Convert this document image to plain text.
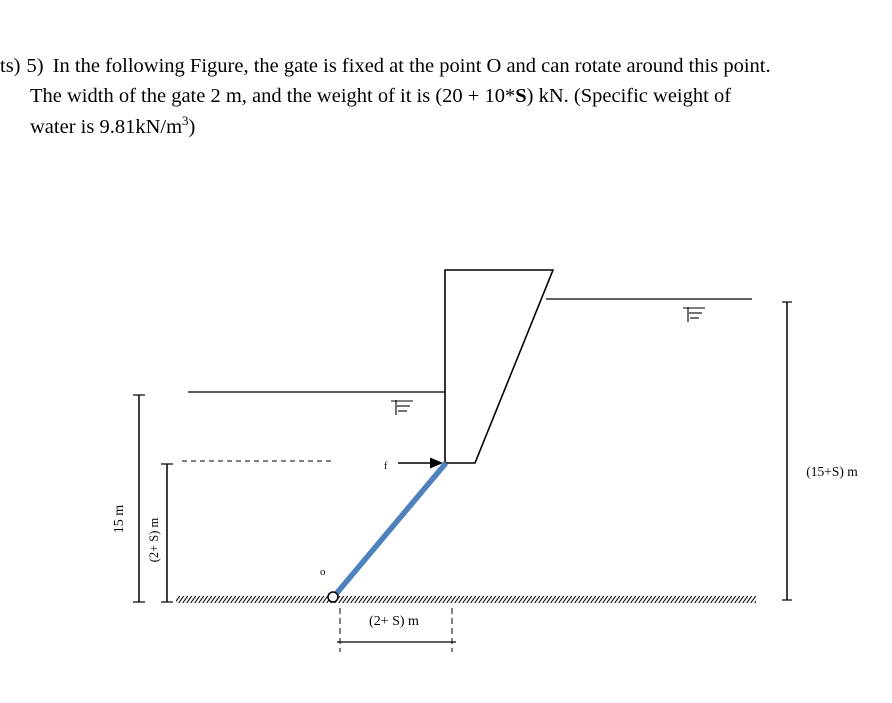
ts) 5) In the following Figure, the gate is fixed at the point O and can rotate around this point.
The width of the gate 2 m, and the weight of it is (20 + 10*S) kN. (Specific weight of
water is $9.81kN/m^3$)
f
o
15 m (2+ S) m
(2+ S) m
(15+S) m
